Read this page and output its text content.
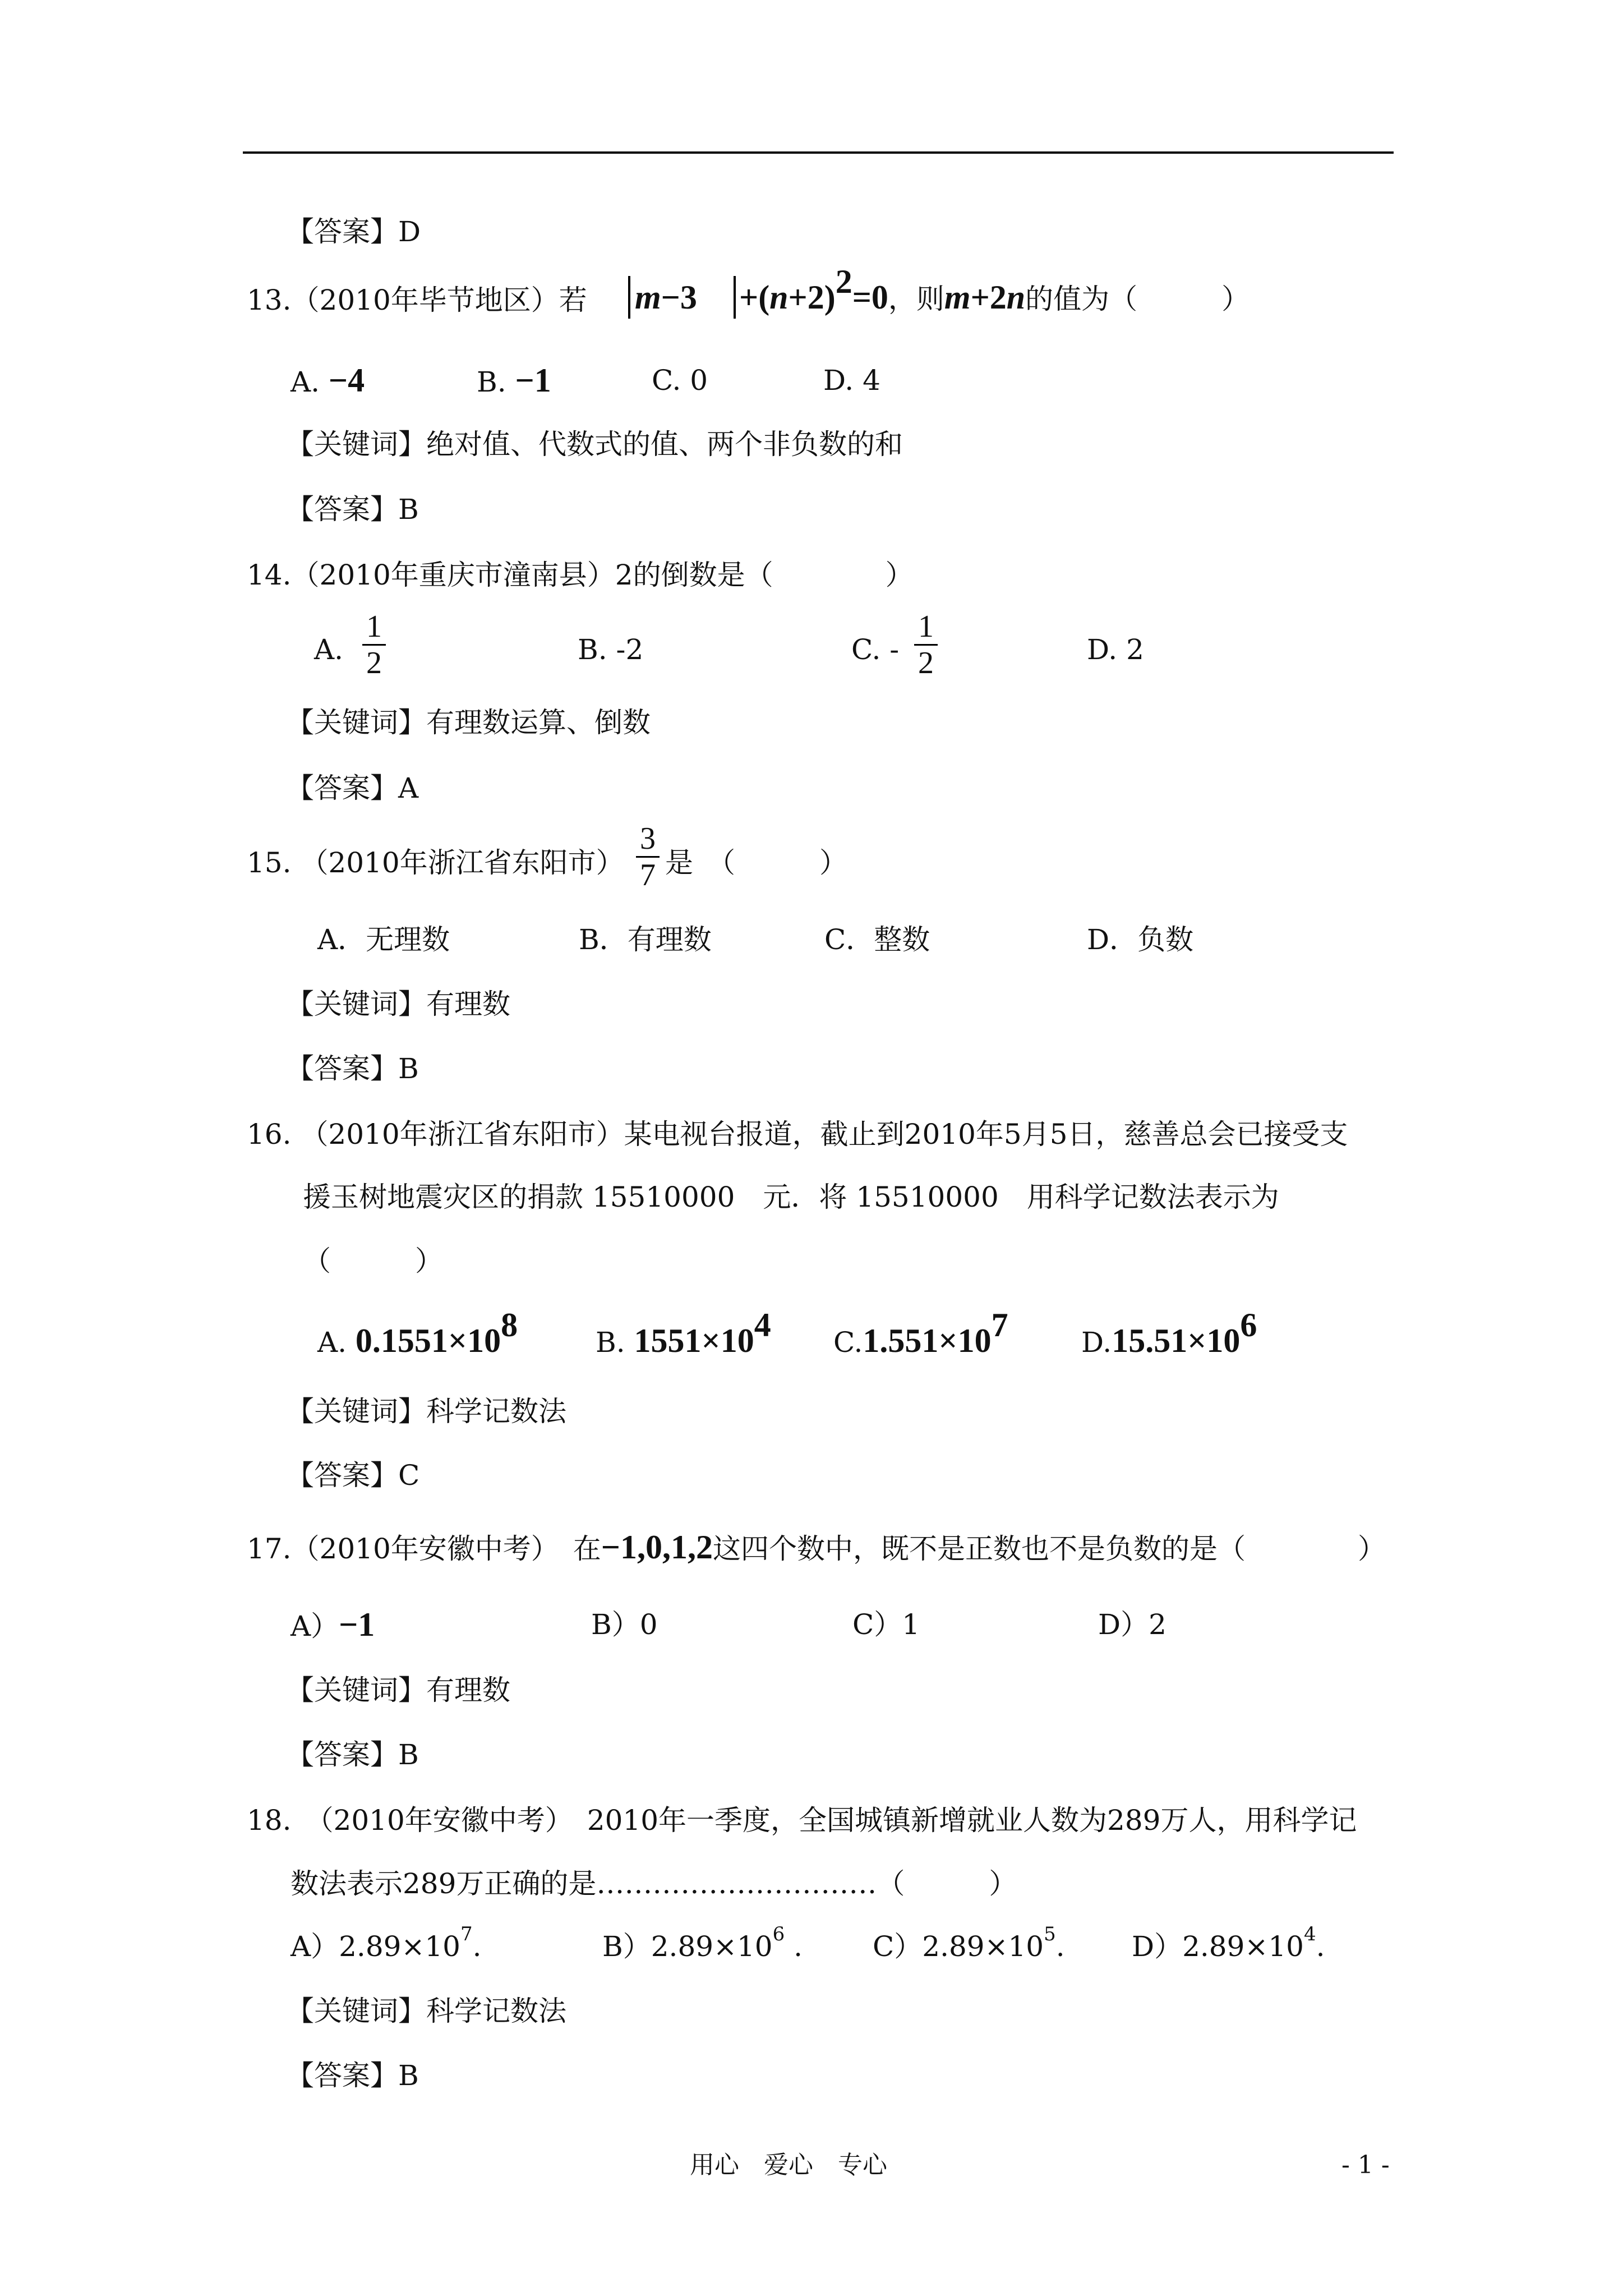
【答案】D
13.（2010年毕节地区）若 $m-3 +(n+2)^2=0$，则m+2n的值为（　　　）
A. −4	B. −1	C. 0	D. 4
【关键词】绝对值、代数式的值、两个非负数的和
【答案】B
14.（2010年重庆市潼南县）2的倒数是（　　　　）
A.
1
2	B. -2	C. -
1
2	D. 2
【关键词】有理数运算、倒数
【答案】A
15. （2010年浙江省东阳市）
3
7 是　（　　　）
A．无理数	B．有理数	C．整数	D．负数
【关键词】有理数
【答案】B
16. （2010年浙江省东阳市）某电视台报道，截止到2010年5月5日，慈善总会已接受支
援玉树地震灾区的捐款 15510000　元．将 15510000　用科学记数法表示为
（　　　）
A. $0.1551\times 10^8$	B. $1551\times 10^4$ $C.1.551\times 10^7$	$D.15.51\times 10^6$
【关键词】科学记数法
【答案】C
17.（2010年安徽中考）　在−1,0,1,2这四个数中，既不是正数也不是负数的是（　　　　）
A）−1	B）0	C）1	D）2
【关键词】有理数
【答案】B
18.　 （2010年安徽中考）　2010年一季度，全国城镇新增就业人数为289万人，用科学记
数法表示289万正确的是…………………………（　　　）
$A)2.89\times 10^7$.	$B)2.89\times 10^6$ . $C)2.89\times 10^5$. $D)2.89\times 10^4$.
【关键词】科学记数法
【答案】B
用心　爱心　专心	- 1 -
